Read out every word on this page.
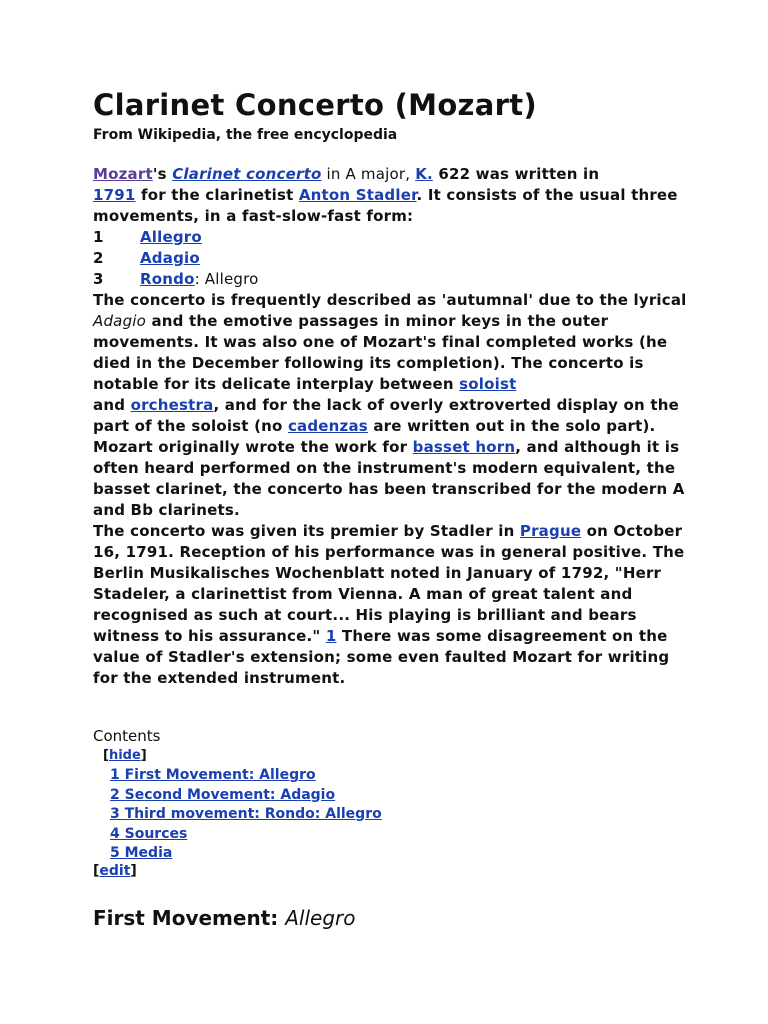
Clarinet Concerto (Mozart)
From Wikipedia, the free encyclopedia

Mozart's Clarinet concerto in A major, K. 622 was written in
1791 for the clarinetist Anton Stadler. It consists of the usual three movements, in a fast-slow-fast form:

1	Allegro
2	Adagio
3	Rondo : Allegro

The concerto is frequently described as 'autumnal' due to the lyrical Adagio and the emotive passages in minor keys in the outer movements. It was also one of Mozart's final completed works (he died in the December following its completion). The concerto is notable for its delicate interplay between soloist
and orchestra, and for the lack of overly extroverted display on the part of the soloist (no cadenzas are written out in the solo part).

Mozart originally wrote the work for basset horn, and although it is often heard performed on the instrument's modern equivalent, the basset clarinet, the concerto has been transcribed for the modern A and Bb clarinets.

The concerto was given its premier by Stadler in Prague on October 16, 1791. Reception of his performance was in general positive. The Berlin Musikalisches Wochenblatt noted in January of 1792, "Herr Stadeler, a clarinettist from Vienna. A man of great talent and recognised as such at court... His playing is brilliant and bears witness to his assurance." 1 There was some disagreement on the value of Stadler's extension; some even faulted Mozart for writing for the extended instrument.

Contents
[hide]
1 First Movement: Allegro
2 Second Movement: Adagio
3 Third movement: Rondo: Allegro
4 Sources
5 Media
[edit]
First Movement: Allegro
